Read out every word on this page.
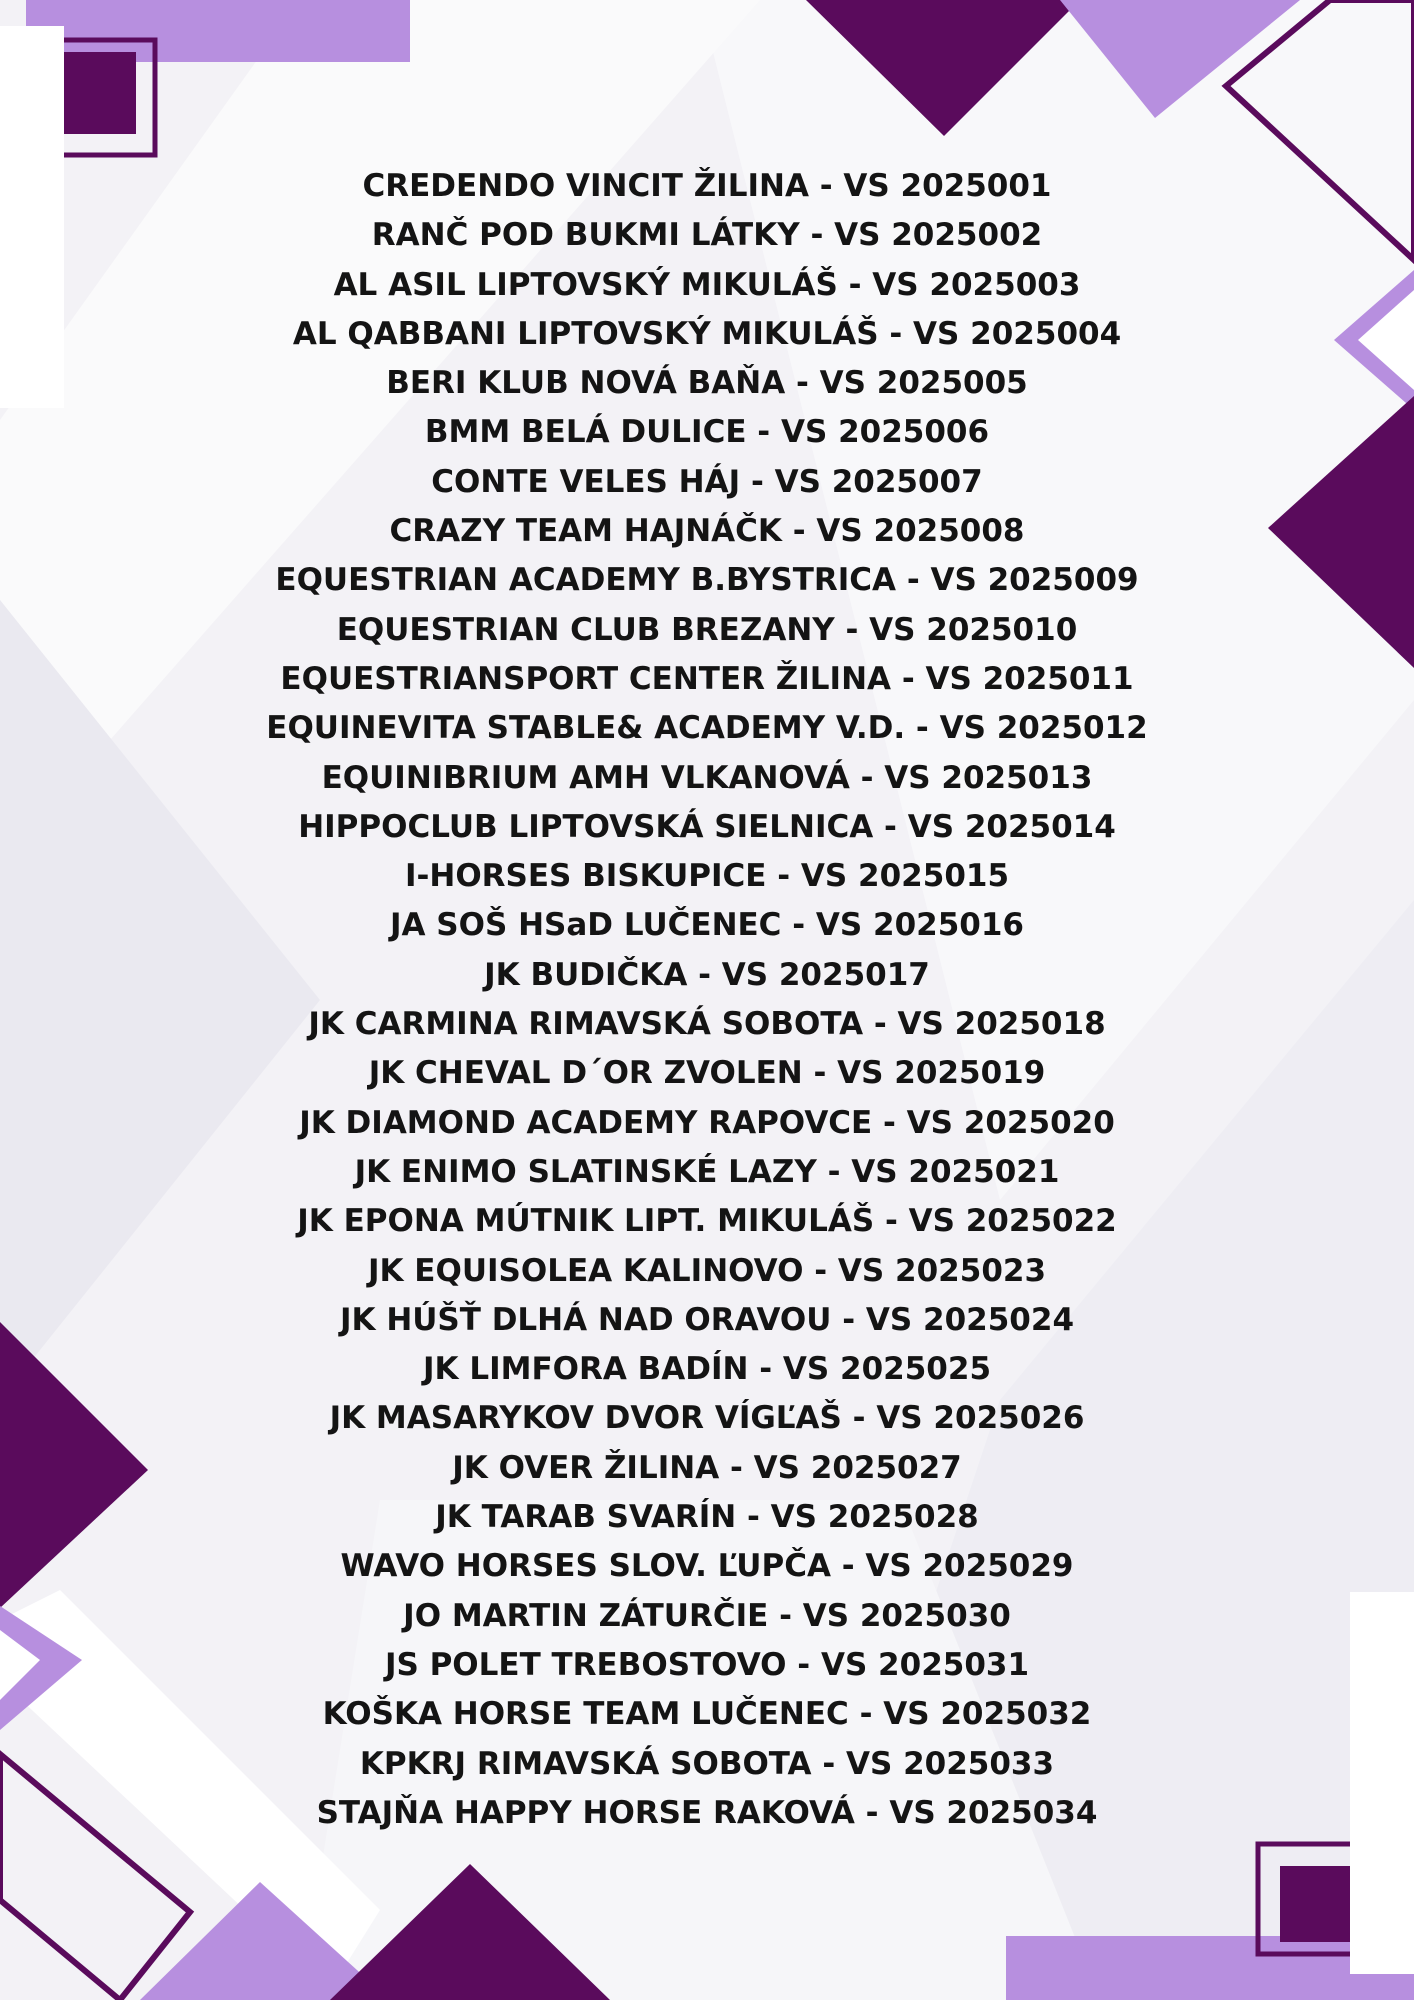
CREDENDO VINCIT ŽILINA - VS 2025001
RANČ POD BUKMI LÁTKY - VS 2025002
AL ASIL LIPTOVSKÝ MIKULÁŠ - VS 2025003
AL QABBANI LIPTOVSKÝ MIKULÁŠ - VS 2025004
BERI KLUB NOVÁ BAŇA - VS 2025005
BMM BELÁ DULICE - VS 2025006
CONTE VELES HÁJ - VS 2025007
CRAZY TEAM HAJNÁČK - VS 2025008
EQUESTRIAN ACADEMY B.BYSTRICA - VS 2025009
EQUESTRIAN CLUB BREZANY - VS 2025010
EQUESTRIANSPORT CENTER ŽILINA - VS 2025011
EQUINEVITA STABLE& ACADEMY V.D. - VS 2025012
EQUINIBRIUM AMH VLKANOVÁ - VS 2025013
HIPPOCLUB LIPTOVSKÁ SIELNICA - VS 2025014
I-HORSES BISKUPICE - VS 2025015
JA SOŠ HSaD LUČENEC - VS 2025016
JK BUDIČKA - VS 2025017
JK CARMINA RIMAVSKÁ SOBOTA - VS 2025018
JK CHEVAL D´OR ZVOLEN - VS 2025019
JK DIAMOND ACADEMY RAPOVCE - VS 2025020
JK ENIMO SLATINSKÉ LAZY - VS 2025021
JK EPONA MÚTNIK LIPT. MIKULÁŠ - VS 2025022
JK EQUISOLEA KALINOVO - VS 2025023
JK HÚŠŤ DLHÁ NAD ORAVOU - VS 2025024
JK LIMFORA BADÍN - VS 2025025
JK MASARYKOV DVOR VÍGĽAŠ - VS 2025026
JK OVER ŽILINA - VS 2025027
JK TARAB SVARÍN - VS 2025028
WAVO HORSES SLOV. ĽUPČA - VS 2025029
JO MARTIN ZÁTURČIE - VS 2025030
JS POLET TREBOSTOVO - VS 2025031
KOŠKA HORSE TEAM LUČENEC - VS 2025032
KPKRJ RIMAVSKÁ SOBOTA - VS 2025033
STAJŇA HAPPY HORSE RAKOVÁ - VS 2025034
